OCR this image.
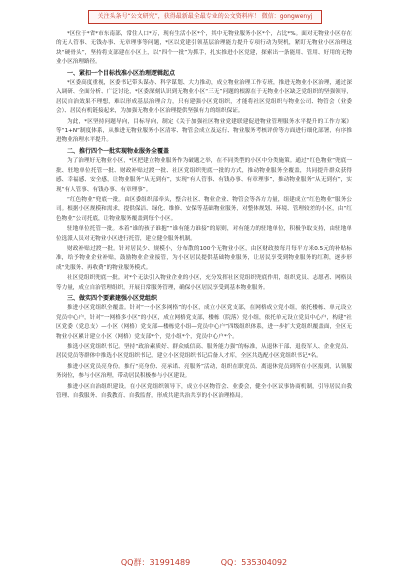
关注头条号“公文研究”，获得最新最全最专业的公文资料库！ 微信：gongwenyj

*区位于*省*市东南部，常住人口*万，现有生活小区*个，其中无物业服务小区*个，占比*%。面对无物业小区存在的无人管事、无钱办事、无章理事等问题，*区以党建引领基层治理能力提升专项行动为契机，紧盯无物业小区治理这块“硬骨头”，坚持将支部建在小区上，以“四个一批”为抓手，扎实推进小区党建，探索出一条能用、管用、好用的无物业小区治理路径。

一、紧扣一个目标找准小区治理逻辑起点

*区委高度重视，区委书记带头谋办、科学谋划、大力推动，成立物业治理工作专班，推进无物业小区治理，通过深入调研、全面分析、广泛讨论，*区委深刻认识到无物业小区“三无”问题的根源在于无物业小区缺乏党组织的坚强领导，居民自治效果不理想，难以形成基层治理合力，只有建强小区党组织，才能将社区党组织与物业公司、物管会（业委会）、居民有机链接起来，为加强无物业小区治理提供坚强有力的组织保证。

为此，*区坚持问题导向，目标导向，制定《关于加强社区物业党建联建促进物业管理服务水平提升的工作方案》等“1+N”制度体系，从推进无物业服务小区清零、物管会成立及运行、物业服务考核评价等方面进行细化部署，有序推进物业治理水平提升。

二、推行四个一批实现物业服务全覆盖

为了治理好无物业小区，*区把建立物业服务作为破题之举，在不同类型的小区中分类施策。通过“红色物业”兜底一批、驻地单位托管一批、财政补贴过渡一批、社区党组织兜底一批的方式，推动物业服务全覆盖，共同提升群众获得感、幸福感、安全感，让物业服务“从无到有”，实现“有人管事、有钱办事、有章理事”，推动物业服务“从无到有”，实现“有人管事、有钱办事、有章理事”。

“红色物业”兜底一批。由区委组织部牵头，整合社区、物业企业、物管会等各方力量，组建成立“红色物业”服务公司。根据小区规模和需求，提供保洁、绿化、维修、安保等基础物业服务，对整体规划、环境、管理较差的小区，由“红色物业”公司托底，让物业服务覆盖到每个小区。

驻地单位托管一批。本着“谁的孩子谁抱”“谁有能力谁接”的原则，对有能力的驻地单位，积极争取支持，由驻地单位选派人员对无物业小区进行托管，建立健全服务机制。

财政补贴过渡一批。针对居民少、规模小，分布散的100个无物业小区，由区财政按每月每平方米0.5元的补贴标准，给予物业企业补贴，鼓励物业企业接管，为小区居民提供基础物业服务，让居民享受到物业服务的红利，逐步形成“先服务、再收费”的物业服务模式。

社区党组织兜底一批。对*个无法引入物业企业的小区，充分发挥社区党组织兜底作用，组织党员、志愿者、网格员等力量，成立自治管理组织，开展日常服务管理，确保小区居民享受到基本物业服务。

三、做实四个要素建强小区党组织

推进小区党组织全覆盖。针对“一小区多网格”的小区，成立小区党支部，在网格成立党小组，依托楼栋、单元设立党员中心户，针对“一网格多小区”的小区，成立网格党支部，楼栋（院落）党小组，依托单元设立党员中心户，构建“社区党委（党总支）—小区（网格）党支部—楼栋党小组—党员中心户”四级组织体系，进一步扩大党组织覆盖面，全区无物业小区累计建立小区（网格）党支部*个，党小组*个，党员中心户*个。

推选小区党组织书记。坚持“政治素质好、群众威信高、服务能力强”的标准，从退休干部、退役军人、企业党员、居民党员等群体中推选小区党组织书记，建立小区党组织书记后备人才库，全区共选配小区党组织书记*名。

推进小区党员亮身份。推行“亮身份、亮承诺、亮服务”活动，组织在职党员、离退休党员到所在小区报到，认领服务岗位，参与小区治理，带动居民积极参与小区建设。

推进小区自治组织建设。在小区党组织领导下，成立小区物管会、业委会，健全小区议事协商机制，引导居民自我管理、自我服务、自我教育、自我监督，形成共建共治共享的小区治理格局。

QQ群：31991489	QQ：535304092
